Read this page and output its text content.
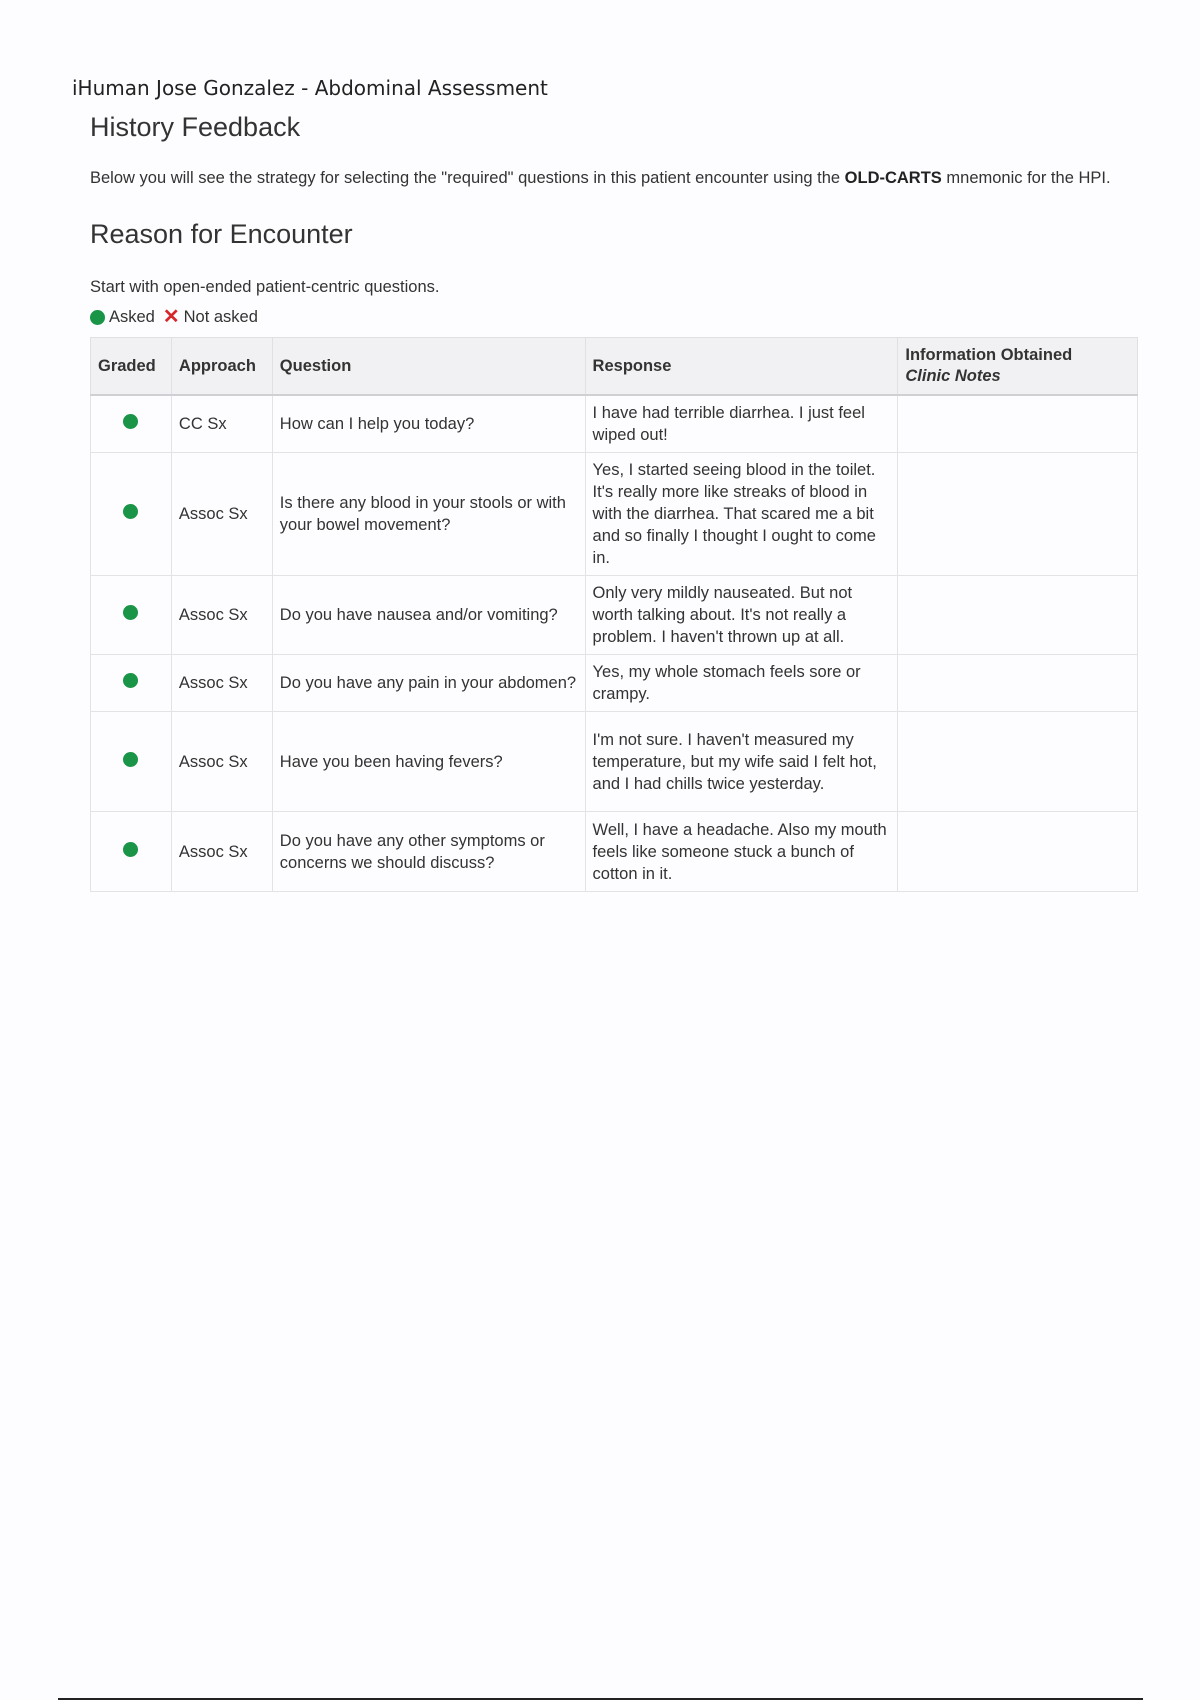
iHuman Jose Gonzalez - Abdominal Assessment
History Feedback

Below you will see the strategy for selecting the "required" questions in this patient encounter using the OLD-CARTS mnemonic for the HPI.

Reason for Encounter

Start with open-ended patient-centric questions.

Asked ✕ Not asked
Graded	Approach	Question	Response	Information Obtained
Clinic Notes
	CC Sx	How can I help you today?	I have had terrible diarrhea. I just feel wiped out!	
	Assoc Sx	Is there any blood in your stools or with your bowel movement?	Yes, I started seeing blood in the toilet. It's really more like streaks of blood in with the diarrhea. That scared me a bit and so finally I thought I ought to come in.	
	Assoc Sx	Do you have nausea and/or vomiting?	Only very mildly nauseated. But not worth talking about. It's not really a problem. I haven't thrown up at all.	
	Assoc Sx	Do you have any pain in your abdomen?	Yes, my whole stomach feels sore or crampy.	
	Assoc Sx	Have you been having fevers?	I'm not sure. I haven't measured my temperature, but my wife said I felt hot, and I had chills twice yesterday.	
	Assoc Sx	Do you have any other symptoms or concerns we should discuss?	Well, I have a headache. Also my mouth feels like someone stuck a bunch of cotton in it.	
